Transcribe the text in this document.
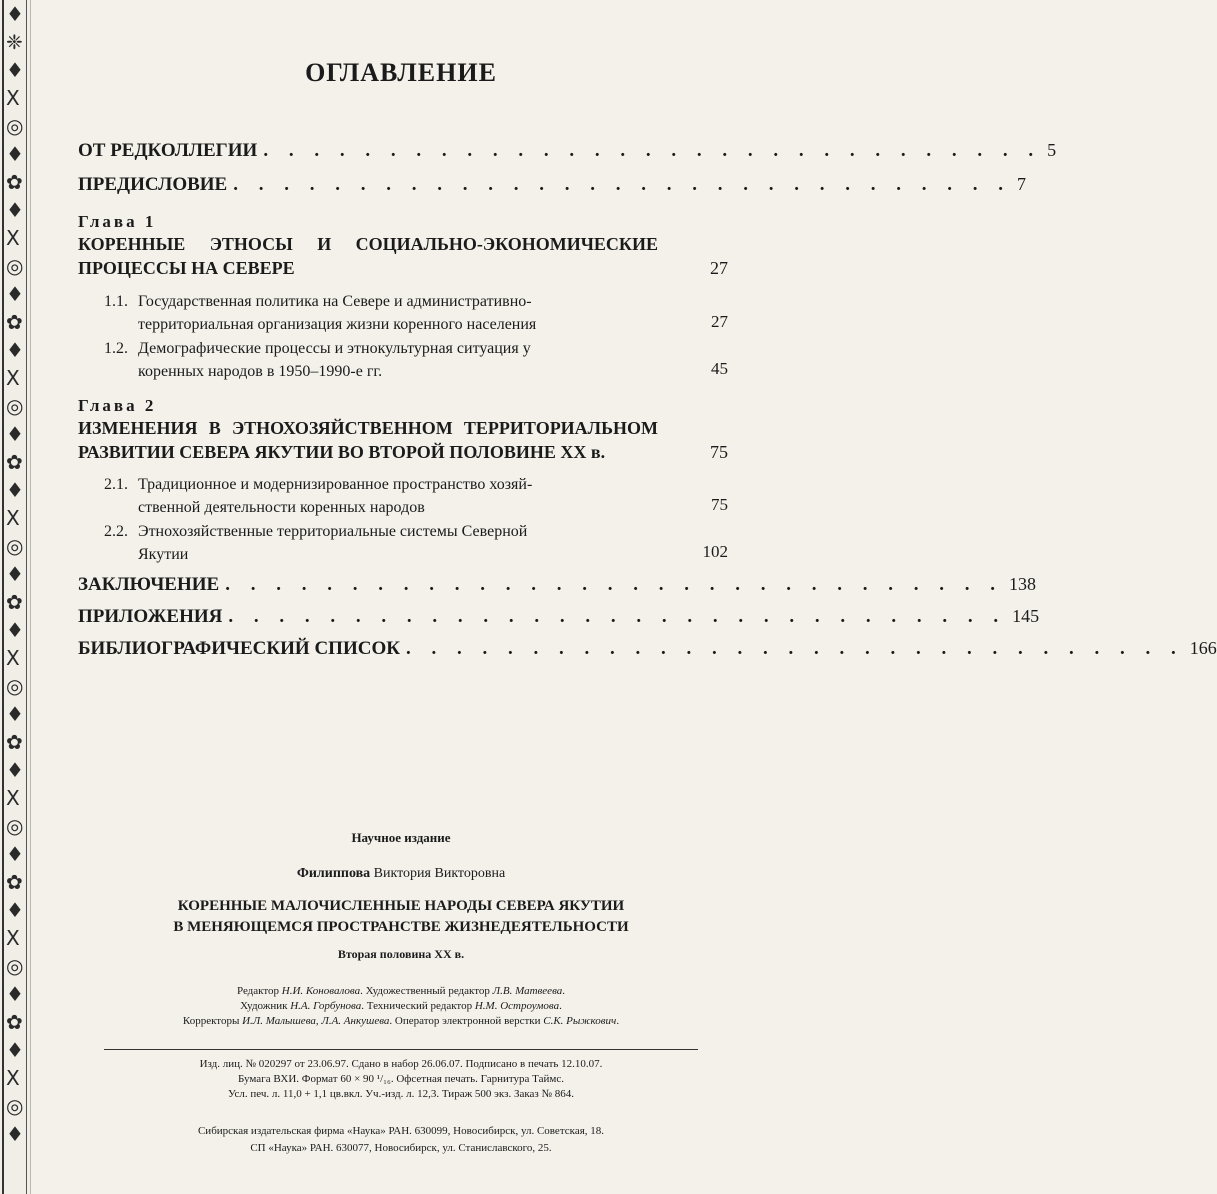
♦
❈
♦
X
◎
♦
✿
♦
X
◎
♦
✿
♦
X
◎
♦
✿
♦
X
◎
♦
✿
♦
X
◎
♦
✿
♦
X
◎
♦
✿
♦
X
◎
♦
✿
♦
X
◎
♦
ОГЛАВЛЕНИЕ
ОТ РЕДКОЛЛЕГИИ . . . . . . . . . . . . . . . . . . . . . . . . . . . . . . . 5
ПРЕДИСЛОВИЕ . . . . . . . . . . . . . . . . . . . . . . . . . . . . . . . 7
Глава 1
КОРЕННЫЕ ЭТНОСЫ И СОЦИАЛЬНО-ЭКОНОМИЧЕСКИЕ ПРОЦЕССЫ НА СЕВЕРЕ	27
1.1. Государственная политика на Севере и административно-
территориальная организация жизни коренного населения	27
1.2. Демографические процессы и этнокультурная ситуация у
коренных народов в 1950–1990-е гг.	45
Глава 2
ИЗМЕНЕНИЯ В ЭТНОХОЗЯЙСТВЕННОМ ТЕРРИТОРИАЛЬНОМ РАЗВИТИИ СЕВЕРА ЯКУТИИ ВО ВТОРОЙ ПОЛОВИНЕ XX в.	75
2.1. Традиционное и модернизированное пространство хозяй-
ственной деятельности коренных народов	75
2.2. Этнохозяйственные территориальные системы Северной
Якутии	102
ЗАКЛЮЧЕНИЕ . . . . . . . . . . . . . . . . . . . . . . . . . . . . . . . 138
ПРИЛОЖЕНИЯ . . . . . . . . . . . . . . . . . . . . . . . . . . . . . . . 145
БИБЛИОГРАФИЧЕСКИЙ СПИСОК . . . . . . . . . . . . . . . . . . . . . . . . . . . . . . . 166
Научное издание
Филиппова Виктория Викторовна
КОРЕННЫЕ МАЛОЧИСЛЕННЫЕ НАРОДЫ СЕВЕРА ЯКУТИИ
В МЕНЯЮЩЕМСЯ ПРОСТРАНСТВЕ ЖИЗНЕДЕЯТЕЛЬНОСТИ
Вторая половина XX в.
Редактор Н.И. Коновалова. Художественный редактор Л.В. Матвеева.
Художник Н.А. Горбунова. Технический редактор Н.М. Остроумова.
Корректоры И.Л. Малышева, Л.А. Анкушева. Оператор электронной верстки С.К. Рыжкович.
Изд. лиц. № 020297 от 23.06.97. Сдано в набор 26.06.07. Подписано в печать 12.10.07.
Бумага ВХИ. Формат 60 × 90 ¹/₁₆. Офсетная печать. Гарнитура Таймс.
Усл. печ. л. 11,0 + 1,1 цв.вкл. Уч.-изд. л. 12,3. Тираж 500 экз. Заказ № 864.
Сибирская издательская фирма «Наука» РАН. 630099, Новосибирск, ул. Советская, 18.
СП «Наука» РАН. 630077, Новосибирск, ул. Станиславского, 25.
